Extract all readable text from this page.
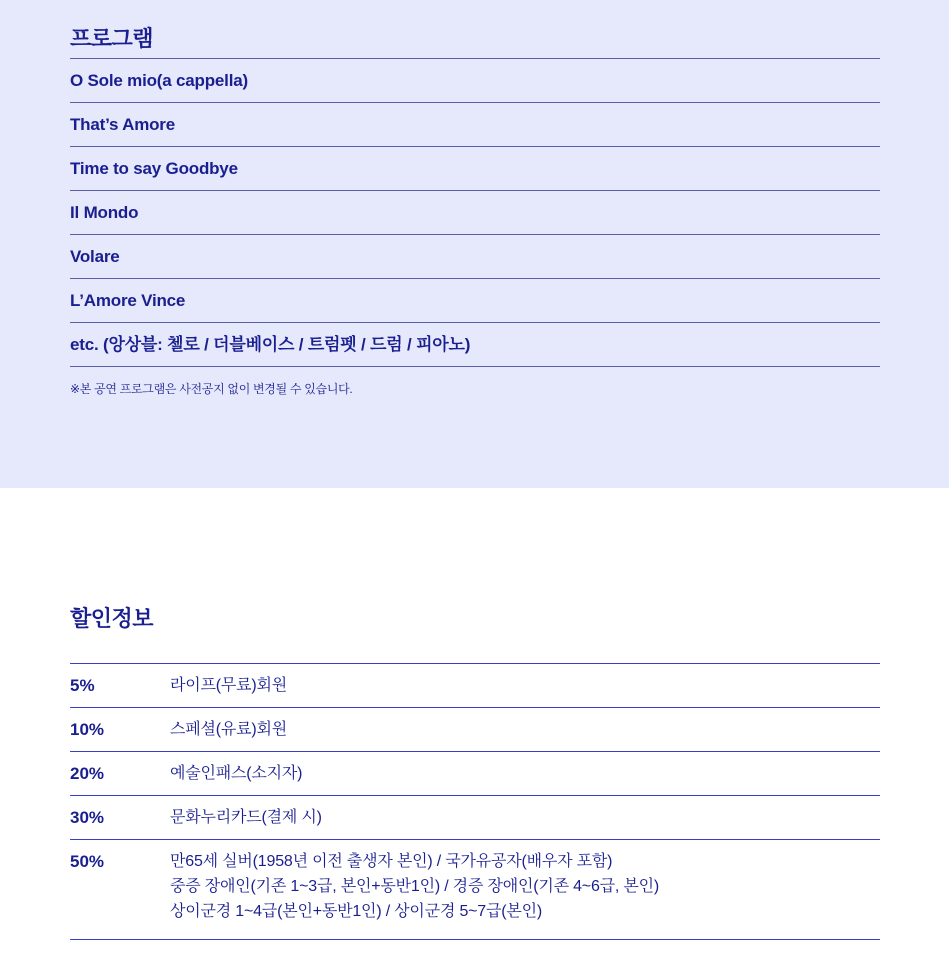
프로그램
O Sole mio(a cappella)
That’s Amore
Time to say Goodbye
Il Mondo
Volare
L’Amore Vince
etc. (앙상블: 첼로 / 더블베이스 / 트럼펫 / 드럼 / 피아노)

※본 공연 프로그램은 사전공지 없이 변경될 수 있습니다.

할인정보
5%	라이프(무료)회원
10%	스페셜(유료)회원
20%	예술인패스(소지자)
30%	문화누리카드(결제 시)
50%	만65세 실버(1958년 이전 출생자 본인) / 국가유공자(배우자 포함)
중증 장애인(기존 1~3급, 본인+동반1인) / 경증 장애인(기존 4~6급, 본인)
상이군경 1~4급(본인+동반1인) / 상이군경 5~7급(본인)
